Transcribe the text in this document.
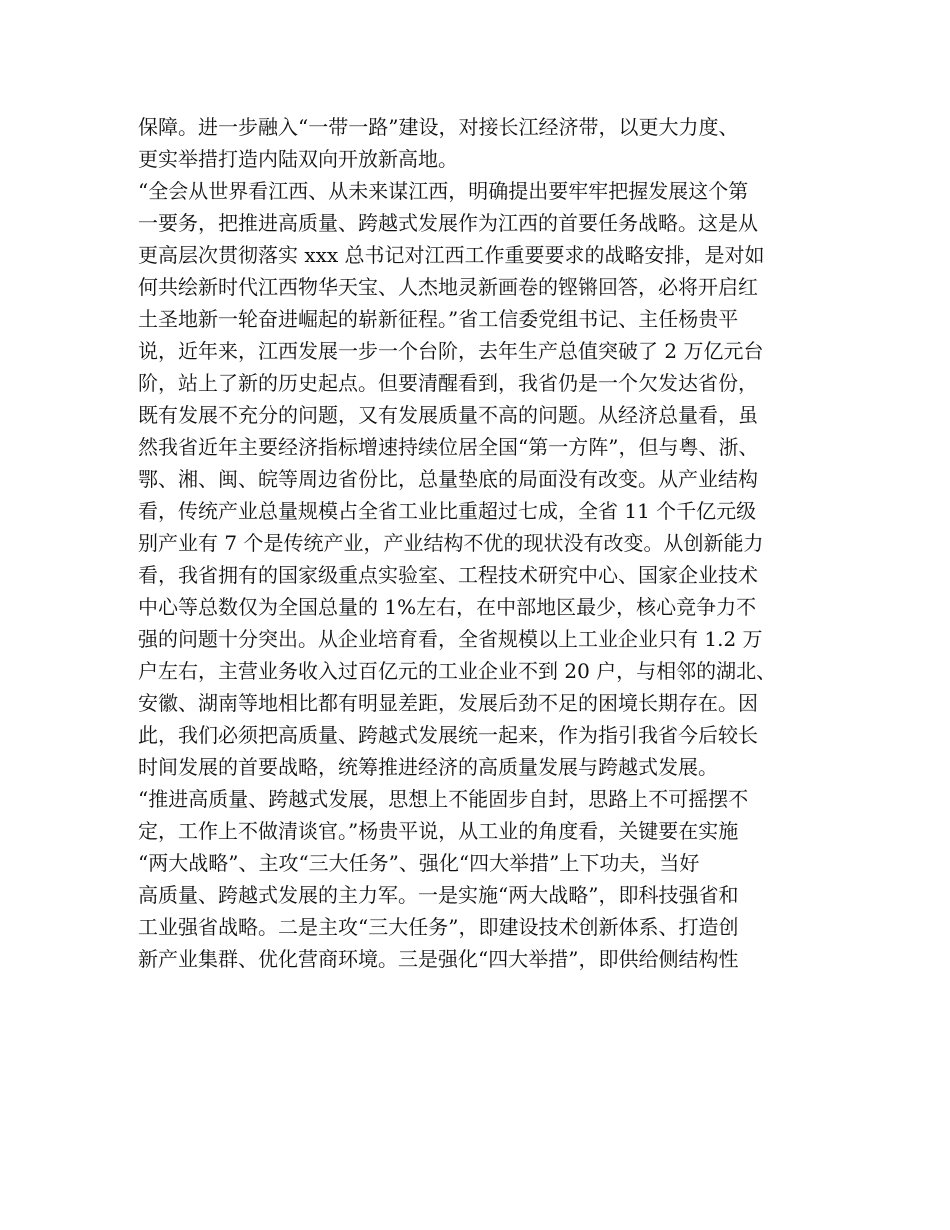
保障。进一步融入“一带一路”建设，对接长江经济带，以更大力度、
更实举措打造内陆双向开放新高地。
“全会从世界看江西、从未来谋江西，明确提出要牢牢把握发展这个第
一要务，把推进高质量、跨越式发展作为江西的首要任务战略。这是从
更高层次贯彻落实 xxx 总书记对江西工作重要要求的战略安排，是对如
何共绘新时代江西物华天宝、人杰地灵新画卷的铿锵回答，必将开启红
土圣地新一轮奋进崛起的崭新征程。”省工信委党组书记、主任杨贵平
说，近年来，江西发展一步一个台阶，去年生产总值突破了 2 万亿元台
阶，站上了新的历史起点。但要清醒看到，我省仍是一个欠发达省份，
既有发展不充分的问题，又有发展质量不高的问题。从经济总量看，虽
然我省近年主要经济指标增速持续位居全国“第一方阵”，但与粤、浙、
鄂、湘、闽、皖等周边省份比，总量垫底的局面没有改变。从产业结构
看，传统产业总量规模占全省工业比重超过七成，全省 11 个千亿元级
别产业有 7 个是传统产业，产业结构不优的现状没有改变。从创新能力
看，我省拥有的国家级重点实验室、工程技术研究中心、国家企业技术
中心等总数仅为全国总量的 1%左右，在中部地区最少，核心竞争力不
强的问题十分突出。从企业培育看，全省规模以上工业企业只有 1.2 万
户左右，主营业务收入过百亿元的工业企业不到 20 户，与相邻的湖北、
安徽、湖南等地相比都有明显差距，发展后劲不足的困境长期存在。因
此，我们必须把高质量、跨越式发展统一起来，作为指引我省今后较长
时间发展的首要战略，统筹推进经济的高质量发展与跨越式发展。
“推进高质量、跨越式发展，思想上不能固步自封，思路上不可摇摆不
定，工作上不做清谈官。”杨贵平说，从工业的角度看，关键要在实施
“两大战略”、主攻“三大任务”、强化“四大举措”上下功夫，当好
高质量、跨越式发展的主力军。一是实施“两大战略”，即科技强省和
工业强省战略。二是主攻“三大任务”，即建设技术创新体系、打造创
新产业集群、优化营商环境。三是强化“四大举措”，即供给侧结构性
